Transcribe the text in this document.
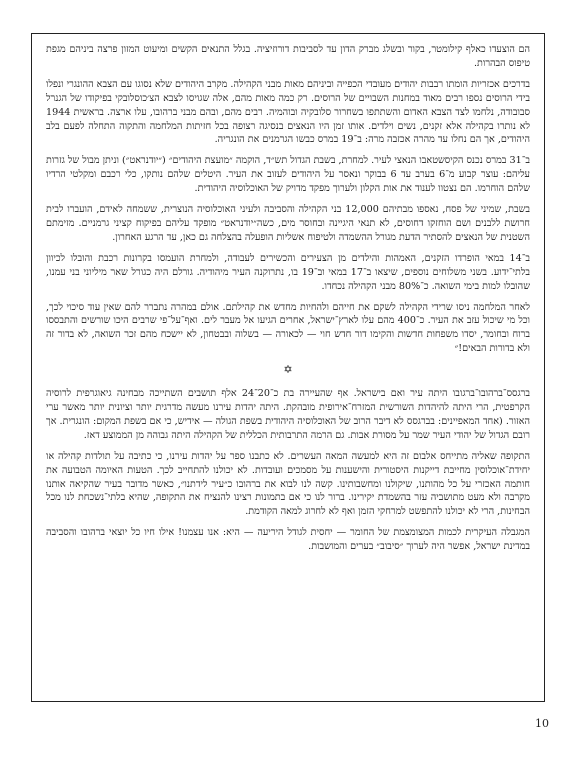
הם הוצעדו כאלף קילומטר, בקור ובשלג מברק הדון עד לסביבות דורוזיציה. בגלל התנאים הקשים ומיעוט המזון פרצה ביניהם מגפת טיפוס הבהרות.

בדרכים אכזריות הומתו רבבות יהודים מעובדי הכפייה וביניהם מאות מבני הקהילה. מקרב היהודים שלא נסוגו עם הצבא ההונגרי ונפלו בידי הרוסים נספו רבים מאוד במחנות השבויים של הרוסים. רק כמה מאות מהם, אלה שגויסו לצבא הצ׳כוסלובקי בפיקודו של הגנרל סבובודה, נלחמו לצד הצבא האדום והשתתפו בשחרור סלובקיה ובוהמיה. רבים מהם, ובהם מבני ברהובו, עלו ארצה. בראשית 1944 לא נותרו בקהילה אלא זקנים, נשים וילדים. אותו זמן היו הנאצים בנסיגה רצופה בכל חזיתות המלחמה והתקוה התחלה לפעם בלב היהודים, אך הם נחלו עד מהרה אכזבה מרה: ב־19 במרס כבשו הגרמנים את הונגריה.

ב־31 במרס נכנס הקיסשטאבו הנאצי לעיר. למחרת, בשבת הגדול תש״ד, הוקמה ״מועצת היהודים״ (״יודנראט״) וניתן מבול של גזרות עליהם: עוצר קבוע מ־6 בערב עד 6 בבוקר ונאסר על היהודים לעזוב את העיר. היטלים שלהם נותקו, כלי רכבם ומקלטי הרדיו שלהם הוחרמו. הם נצטוו לענוד את אות הקלון ולערוך מפקד מדויק של האוכלוסיה היהודית.

בשבת, שמיני של פסח, נאספו מבתיהם 12,000 בני הקהילה והסביבה ולעיני האוכלוסיה הנוצרית, ששמחה לאידם, הועברו לבית חרושת ללבנים ושם הוחזקו דחוסים, לא תנאי היגיינה ובחוסר מים, כשה״יודנראט״ מופקד עליהם בפיקוח קציני גרמניים. מזימתם השטנית של הנאצים להסתיר הדעת מגורל ההשמדה ולטיפוח אשליות הופעלה בהצלחה גם כאן, עד הרגע האחרון.

ב־14 במאי הופרדו הזקנים, האמהות והילדים מן הצעירים והכשירים לעבודה, ולמחרת הועמסו בקרונות רכבת והובלו לכיוון בלתי־ידוע. בשני משלוחים נוספים, שיצאו ב־17 במאי וב־19 בו, נתרוקנה העיר מיהודיה. גורלם היה כגורל שאר מיליוני בני עמנו, שהובלו למות בימי השואה. כ־80% מבני הקהילה נכחדו.

לאחר המלחמה ניסו שרידי הקהילה לשקם את חייהם ולהחיות מחדש את קהילתם. אולם במהרה נתברר להם שאין עוד סיכוי לכך, וכל מי שיכול עזב את העיר. כ־400 מהם עלו לארץ־ישראל, אחרים הגיעו אל מעבר לים. ואף־על־פי שרבים היכו שורשים והתבססו ברוח ובחומר, יסדו משפחות חדשות והקימו דור חדש חוי — לכאורה — בשלוה ובבטחון, לא יישכח מהם זכר השואה, לא בדור זה ולא בדורות הבאים!״

✡

ברגסס־ברהובו־ברגובו היתה עיר ואם בישראל. אף שהעיירה בת כ־20־24 אלף תושבים השתייכה מבחינה גיאוגרפית לרוסיה הקרפטית, הרי היתה להיהדות השורשית המזרח־אירופית מובהקת. היתה יהדות עירנו מעשה מדרגית יותר וציונית יותר מאשר ערי האזור. (אחד המאפיינים: בברגסס לא דיבר הרוב של האוכלוסיה היהודית בשפת הגולה — אידיש, כי אם בשפת המקום: הונגרית. אך רובם הגדול של יהודי העיר שמר על מסורת אבות. גם הרמה התרבותית הכללית של הקהילה היתה גבוהה מן הממוצע דאז.

התקופה שאליה מתייחס אלבום זה היא למעשה המאה העשרים. לא כתבנו ספר על יהדות עירנו, כי כתיבה על תולדות קהילה או יחידת־אוכלוסין מחייבת דייקנות היסטורית והישענות על מסמכים ועובדות. לא יכולנו להתחייב לכך. הטעות האיומה הטבועה את חותמה האכזרי על כל מהותנו, שיקולנו ומחשבותינו. קשה לנו לבוא את ברהובו כ״עיר לידתנו״, כאשר מדובר בעיר שהקיאה אותנו מקרבה ולא מעט מתושביה עזר בהשמדת יקירינו. ברור לנו כי אם בתמונות רצינו להנציח את התקופה, שהיא בלתי־נשכחת לנו מכל הבחינות, הרי לא יכולנו להתפשט למרחקי הזמן ואף לא לחרוג למאה הקודמת.

המגבלה העיקרית לכמות המצומצמת של החומר — יחסית לגודל היריעה — היא: אנו עצמנו! אילו חיו כל יוצאי ברהובו והסביבה במדינת ישראל, אפשר היה לערוך ״סיבוב״ בערים והמושבות.

10
